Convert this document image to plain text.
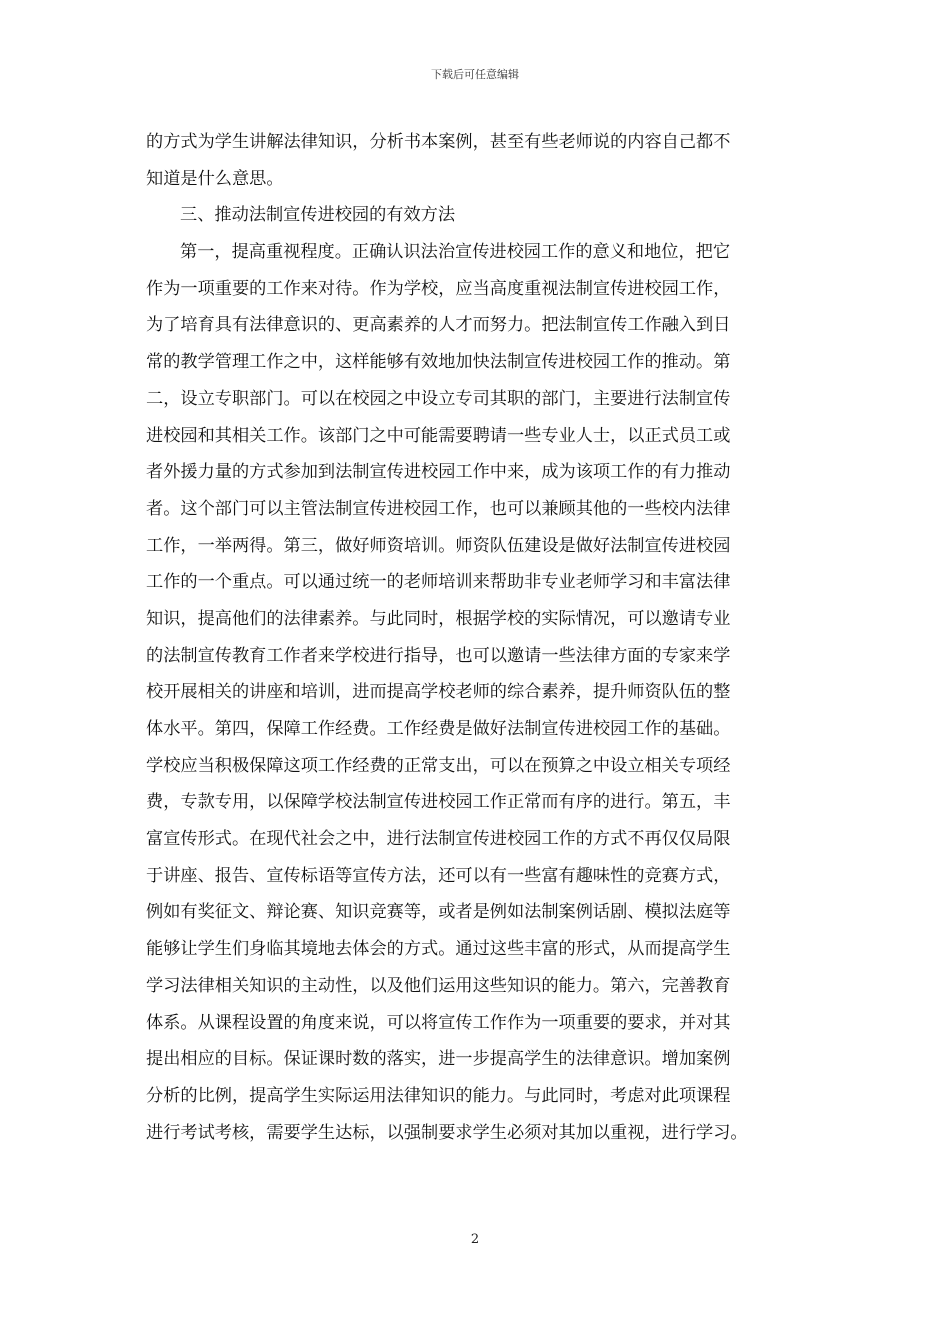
下载后可任意编辑
的方式为学生讲解法律知识，分析书本案例，甚至有些老师说的内容自己都不
知道是什么意思。
三、推动法制宣传进校园的有效方法
第一，提高重视程度。正确认识法治宣传进校园工作的意义和地位，把它
作为一项重要的工作来对待。作为学校，应当高度重视法制宣传进校园工作，
为了培育具有法律意识的、更高素养的人才而努力。把法制宣传工作融入到日
常的教学管理工作之中，这样能够有效地加快法制宣传进校园工作的推动。第
二，设立专职部门。可以在校园之中设立专司其职的部门，主要进行法制宣传
进校园和其相关工作。该部门之中可能需要聘请一些专业人士，以正式员工或
者外援力量的方式参加到法制宣传进校园工作中来，成为该项工作的有力推动
者。这个部门可以主管法制宣传进校园工作，也可以兼顾其他的一些校内法律
工作，一举两得。第三，做好师资培训。师资队伍建设是做好法制宣传进校园
工作的一个重点。可以通过统一的老师培训来帮助非专业老师学习和丰富法律
知识，提高他们的法律素养。与此同时，根据学校的实际情况，可以邀请专业
的法制宣传教育工作者来学校进行指导，也可以邀请一些法律方面的专家来学
校开展相关的讲座和培训，进而提高学校老师的综合素养，提升师资队伍的整
体水平。第四，保障工作经费。工作经费是做好法制宣传进校园工作的基础。
学校应当积极保障这项工作经费的正常支出，可以在预算之中设立相关专项经
费，专款专用，以保障学校法制宣传进校园工作正常而有序的进行。第五，丰
富宣传形式。在现代社会之中，进行法制宣传进校园工作的方式不再仅仅局限
于讲座、报告、宣传标语等宣传方法，还可以有一些富有趣味性的竞赛方式，
例如有奖征文、辩论赛、知识竞赛等，或者是例如法制案例话剧、模拟法庭等
能够让学生们身临其境地去体会的方式。通过这些丰富的形式，从而提高学生
学习法律相关知识的主动性，以及他们运用这些知识的能力。第六，完善教育
体系。从课程设置的角度来说，可以将宣传工作作为一项重要的要求，并对其
提出相应的目标。保证课时数的落实，进一步提高学生的法律意识。增加案例
分析的比例，提高学生实际运用法律知识的能力。与此同时，考虑对此项课程
进行考试考核，需要学生达标，以强制要求学生必须对其加以重视，进行学习。
2
